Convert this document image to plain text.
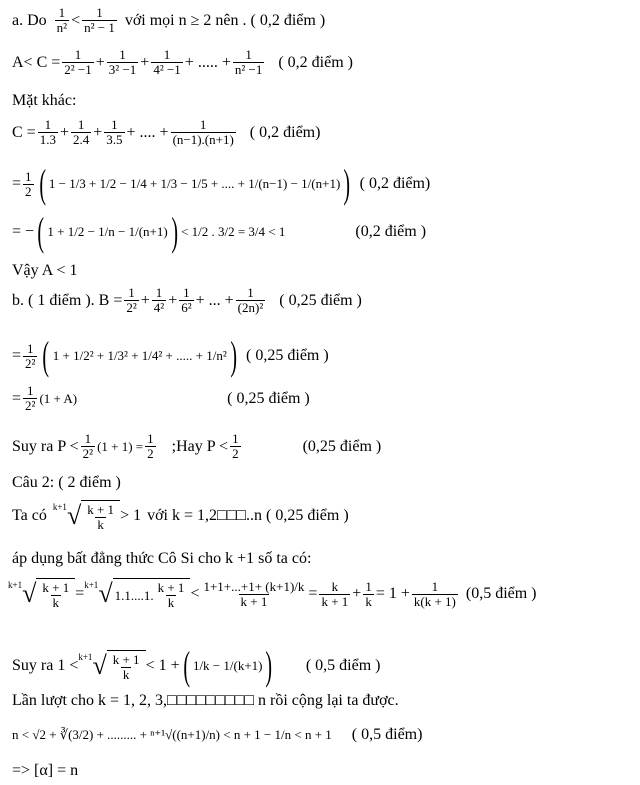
a. Do $\frac{1}{\text{n²}} < \frac{1}{\text{n² − 1}}$ với mọi n ≥ 2 nên . ( 0,2 điểm )
$A< C = \frac{1}{\text{2² −1}} + \frac{1}{\text{3² −1}} + \frac{1}{\text{4² −1}}$ + ..... + $\frac{1}{\text{n² −1}}$ ( 0,2 điểm )
Mặt khác:
$C = \frac{1}{1.3} + \frac{1}{2.4} + \frac{1}{3.5}$ + .... + $\frac{1}{(n-1).(n+1)}$ ( 0,2 điểm)
= $\frac{1}{2}$ ( 1 − 1/3 + 1/2 − 1/4 + 1/3 − 1/5 + .... + 1/(n−1) − 1/(n+1) ) ( 0,2 điểm)
= − ( 1 + 1/2 − 1/n − 1/(n+1) ) < 1/2 . 3/2 = 3/4 < 1	(0,2 điểm )
Vậy A < 1
b. ( 1 điểm ). $B = \frac{1}{\text{2²}} + \frac{1}{\text{4²}} + \frac{1}{\text{6²}}$ + ... + $\frac{1}{\text{(2n)²}}$ ( 0,25 điểm )
= $\frac{1}{\text{2²}}$ ( 1 + 1/2² + 1/3² + 1/4² + ..... + 1/n² ) ( 0,25 điểm )
= $\frac{1}{\text{2²}} (1 + A)$	( 0,25 điểm )
Suy ra $P < \frac{1}{\text{2²}} (1 + 1) = \frac{1}{2}$ ;Hay $P < \frac{1}{2}$	(0,25 điểm )
Câu 2: ( 2 điểm )
Ta có k+1 √ $\frac{k + 1}{k} > 1$ với k = 1,2□□□..n ( 0,25 điểm )
áp dụng bất đẳng thức Cô Si cho k +1 số ta có:
k+1 √ $\frac{k + 1}{k} = k+1$ √ 1.1....1. $\frac{k + 1}{k} < \frac{1+1+...+1+ (k+1)/k}{k + 1} = \frac{k}{k + 1} + \frac{1}{k} = 1 + \frac{1}{k(k + 1)} (0,5$ điểm )
Suy ra 1 < k+1 √ $\frac{k + 1}{k} < 1$ + ( 1/k − 1/(k+1) ) ( 0,5 điểm )
Lần lượt cho k = 1, 2, 3,□□□□□□□□□ n rồi cộng lại ta được.
n < √2 + ∛(3/2) + ......... + ⁿ⁺¹√((n+1)/n) < n + 1 − 1/n < n + 1 ( 0,5 điểm)
=> [α] = n
